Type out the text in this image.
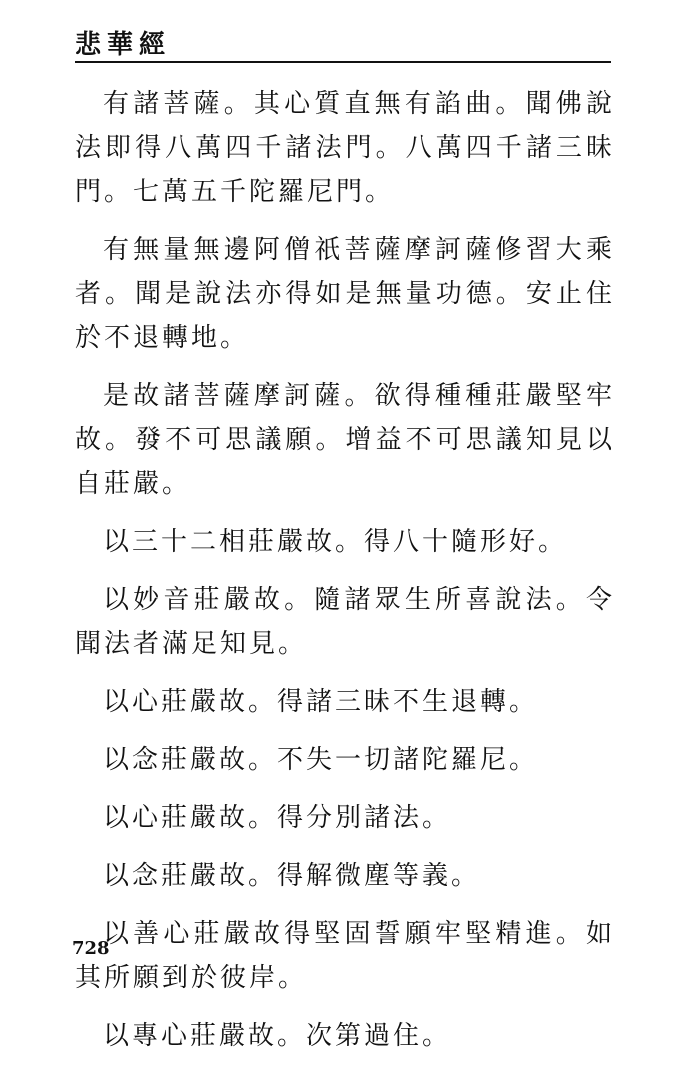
悲華經

有諸菩薩。其心質直無有諂曲。聞佛說法即得八萬四千諸法門。八萬四千諸三昧門。七萬五千陀羅尼門。

有無量無邊阿僧祇菩薩摩訶薩修習大乘者。聞是說法亦得如是無量功德。安止住於不退轉地。

是故諸菩薩摩訶薩。欲得種種莊嚴堅牢故。發不可思議願。增益不可思議知見以自莊嚴。

以三十二相莊嚴故。得八十隨形好。

以妙音莊嚴故。隨諸眾生所喜說法。令聞法者滿足知見。

以心莊嚴故。得諸三昧不生退轉。

以念莊嚴故。不失一切諸陀羅尼。

以心莊嚴故。得分別諸法。

以念莊嚴故。得解微塵等義。

以善心莊嚴故得堅固誓願牢堅精進。如其所願到於彼岸。

以專心莊嚴故。次第過住。

728
